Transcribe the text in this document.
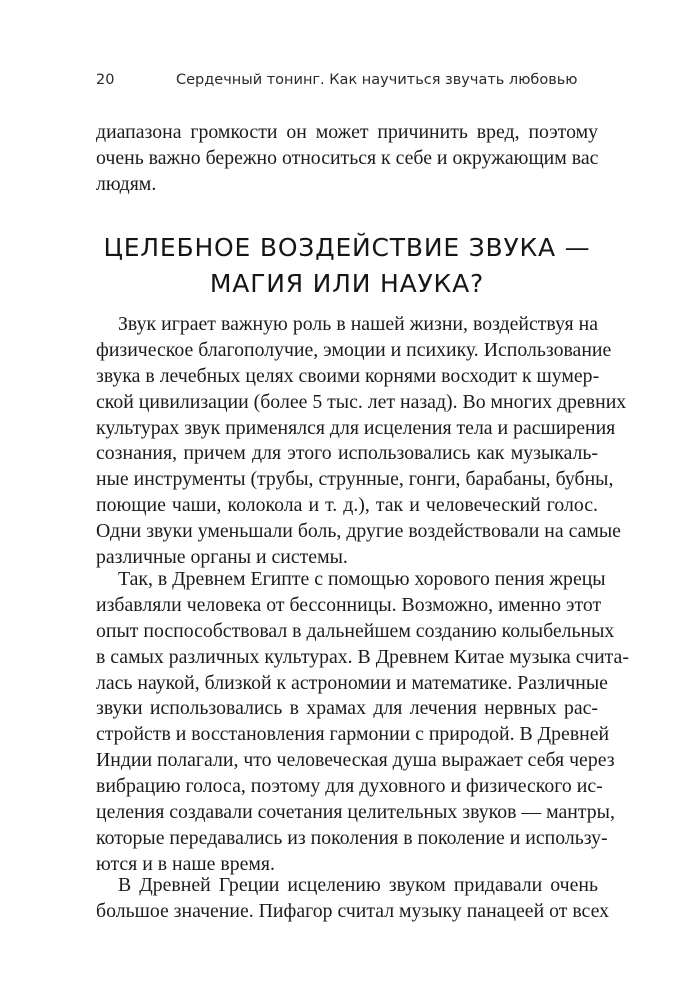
20	Сердечный тонинг. Как научиться звучать любовью
диапазона громкости он может причинить вред, поэтому
очень важно бережно относиться к себе и окружающим вас
людям.
ЦЕЛЕБНОЕ ВОЗДЕЙСТВИЕ ЗВУКА —
МАГИЯ ИЛИ НАУКА?
Звук играет важную роль в нашей жизни, воздействуя на
физическое благополучие, эмоции и психику. Использование
звука в лечебных целях своими корнями восходит к шумер-
ской цивилизации (более 5 тыс. лет назад). Во многих древних
культурах звук применялся для исцеления тела и расширения
сознания, причем для этого использовались как музыкаль-
ные инструменты (трубы, струнные, гонги, барабаны, бубны,
поющие чаши, колокола и т. д.), так и человеческий голос.
Одни звуки уменьшали боль, другие воздействовали на самые
различные органы и системы.
Так, в Древнем Египте с помощью хорового пения жрецы
избавляли человека от бессонницы. Возможно, именно этот
опыт поспособствовал в дальнейшем созданию колыбельных
в самых различных культурах. В Древнем Китае музыка счита-
лась наукой, близкой к астрономии и математике. Различные
звуки использовались в храмах для лечения нервных рас-
стройств и восстановления гармонии с природой. В Древней
Индии полагали, что человеческая душа выражает себя через
вибрацию голоса, поэтому для духовного и физического ис-
целения создавали сочетания целительных звуков — мантры,
которые передавались из поколения в поколение и использу-
ются и в наше время.
В Древней Греции исцелению звуком придавали очень
большое значение. Пифагор считал музыку панацеей от всех
